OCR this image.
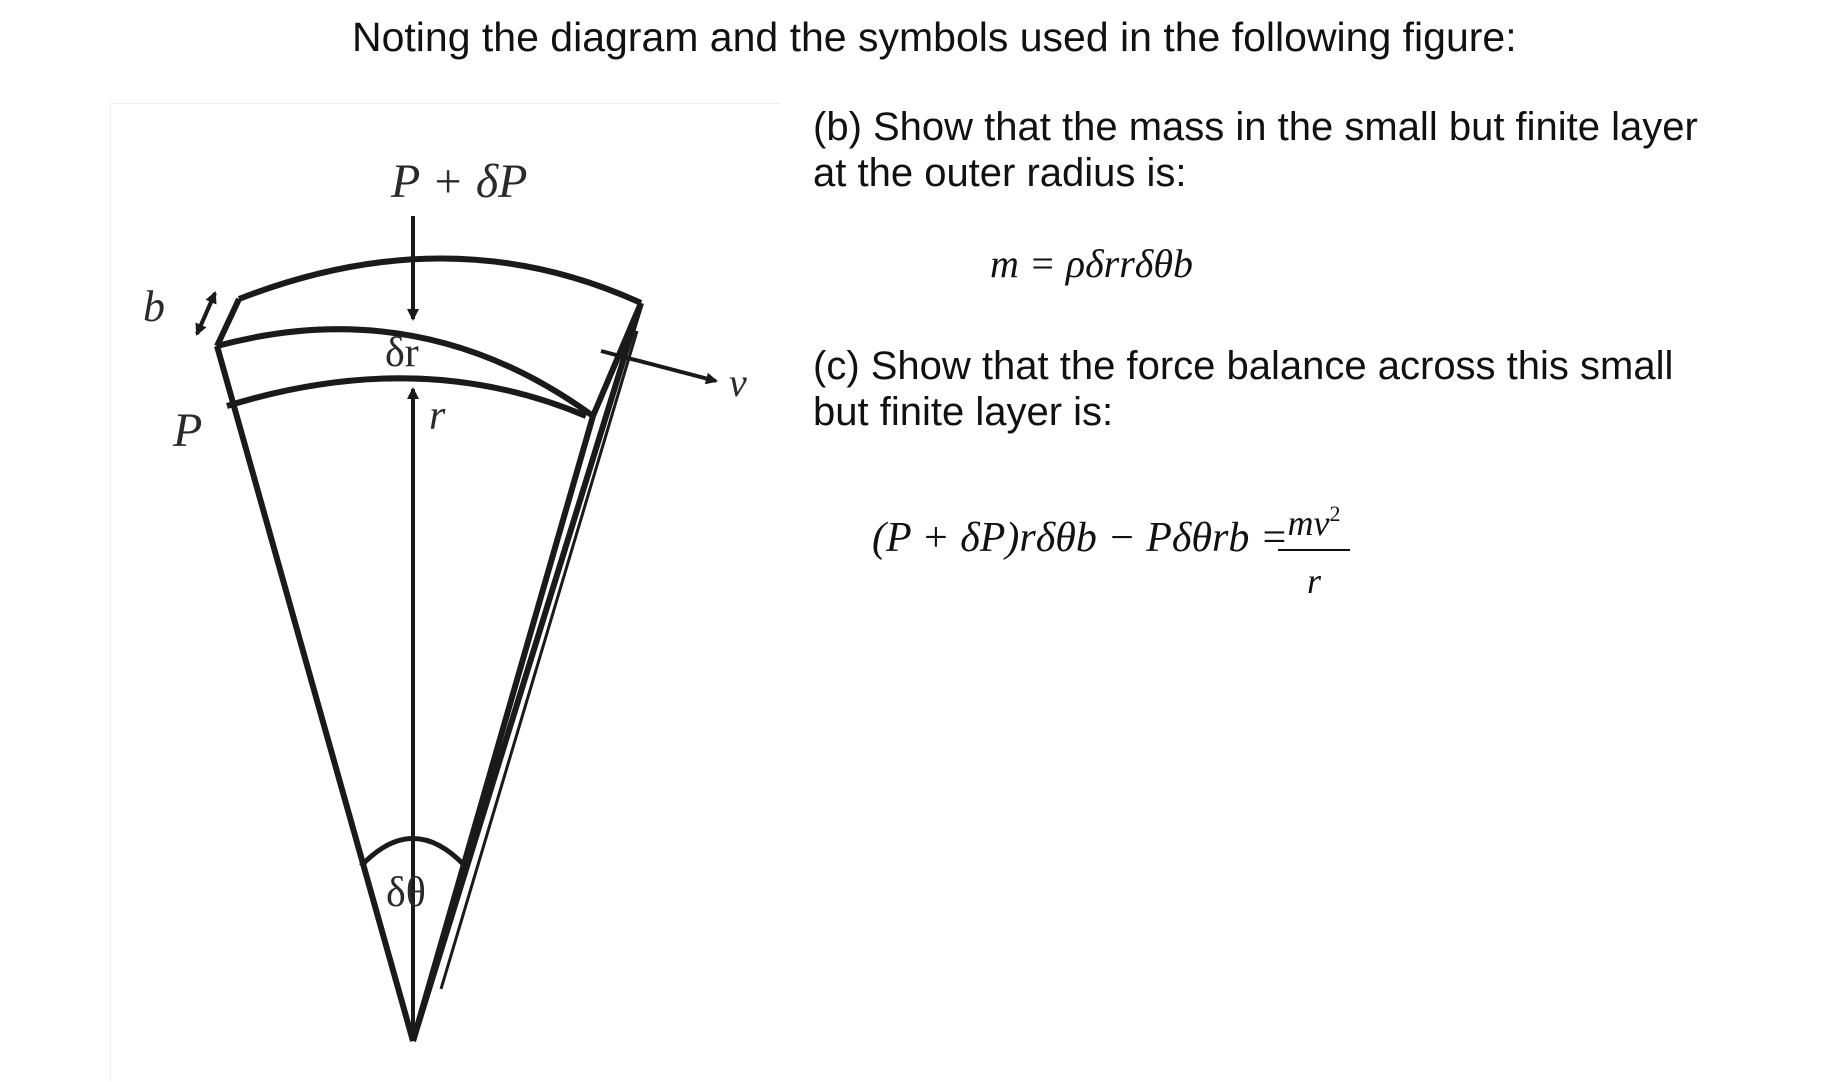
Noting the diagram and the symbols used in the following figure:
P + δP
δr
r
v
b
P
δθ
(b) Show that the mass in the small but finite layer
at the outer radius is:
m = ρδrrδθb
(c) Show that the force balance across this small
but finite layer is:
(P + δP)rδθb − Pδθrb =
$\frac{mv^2}{r}$
